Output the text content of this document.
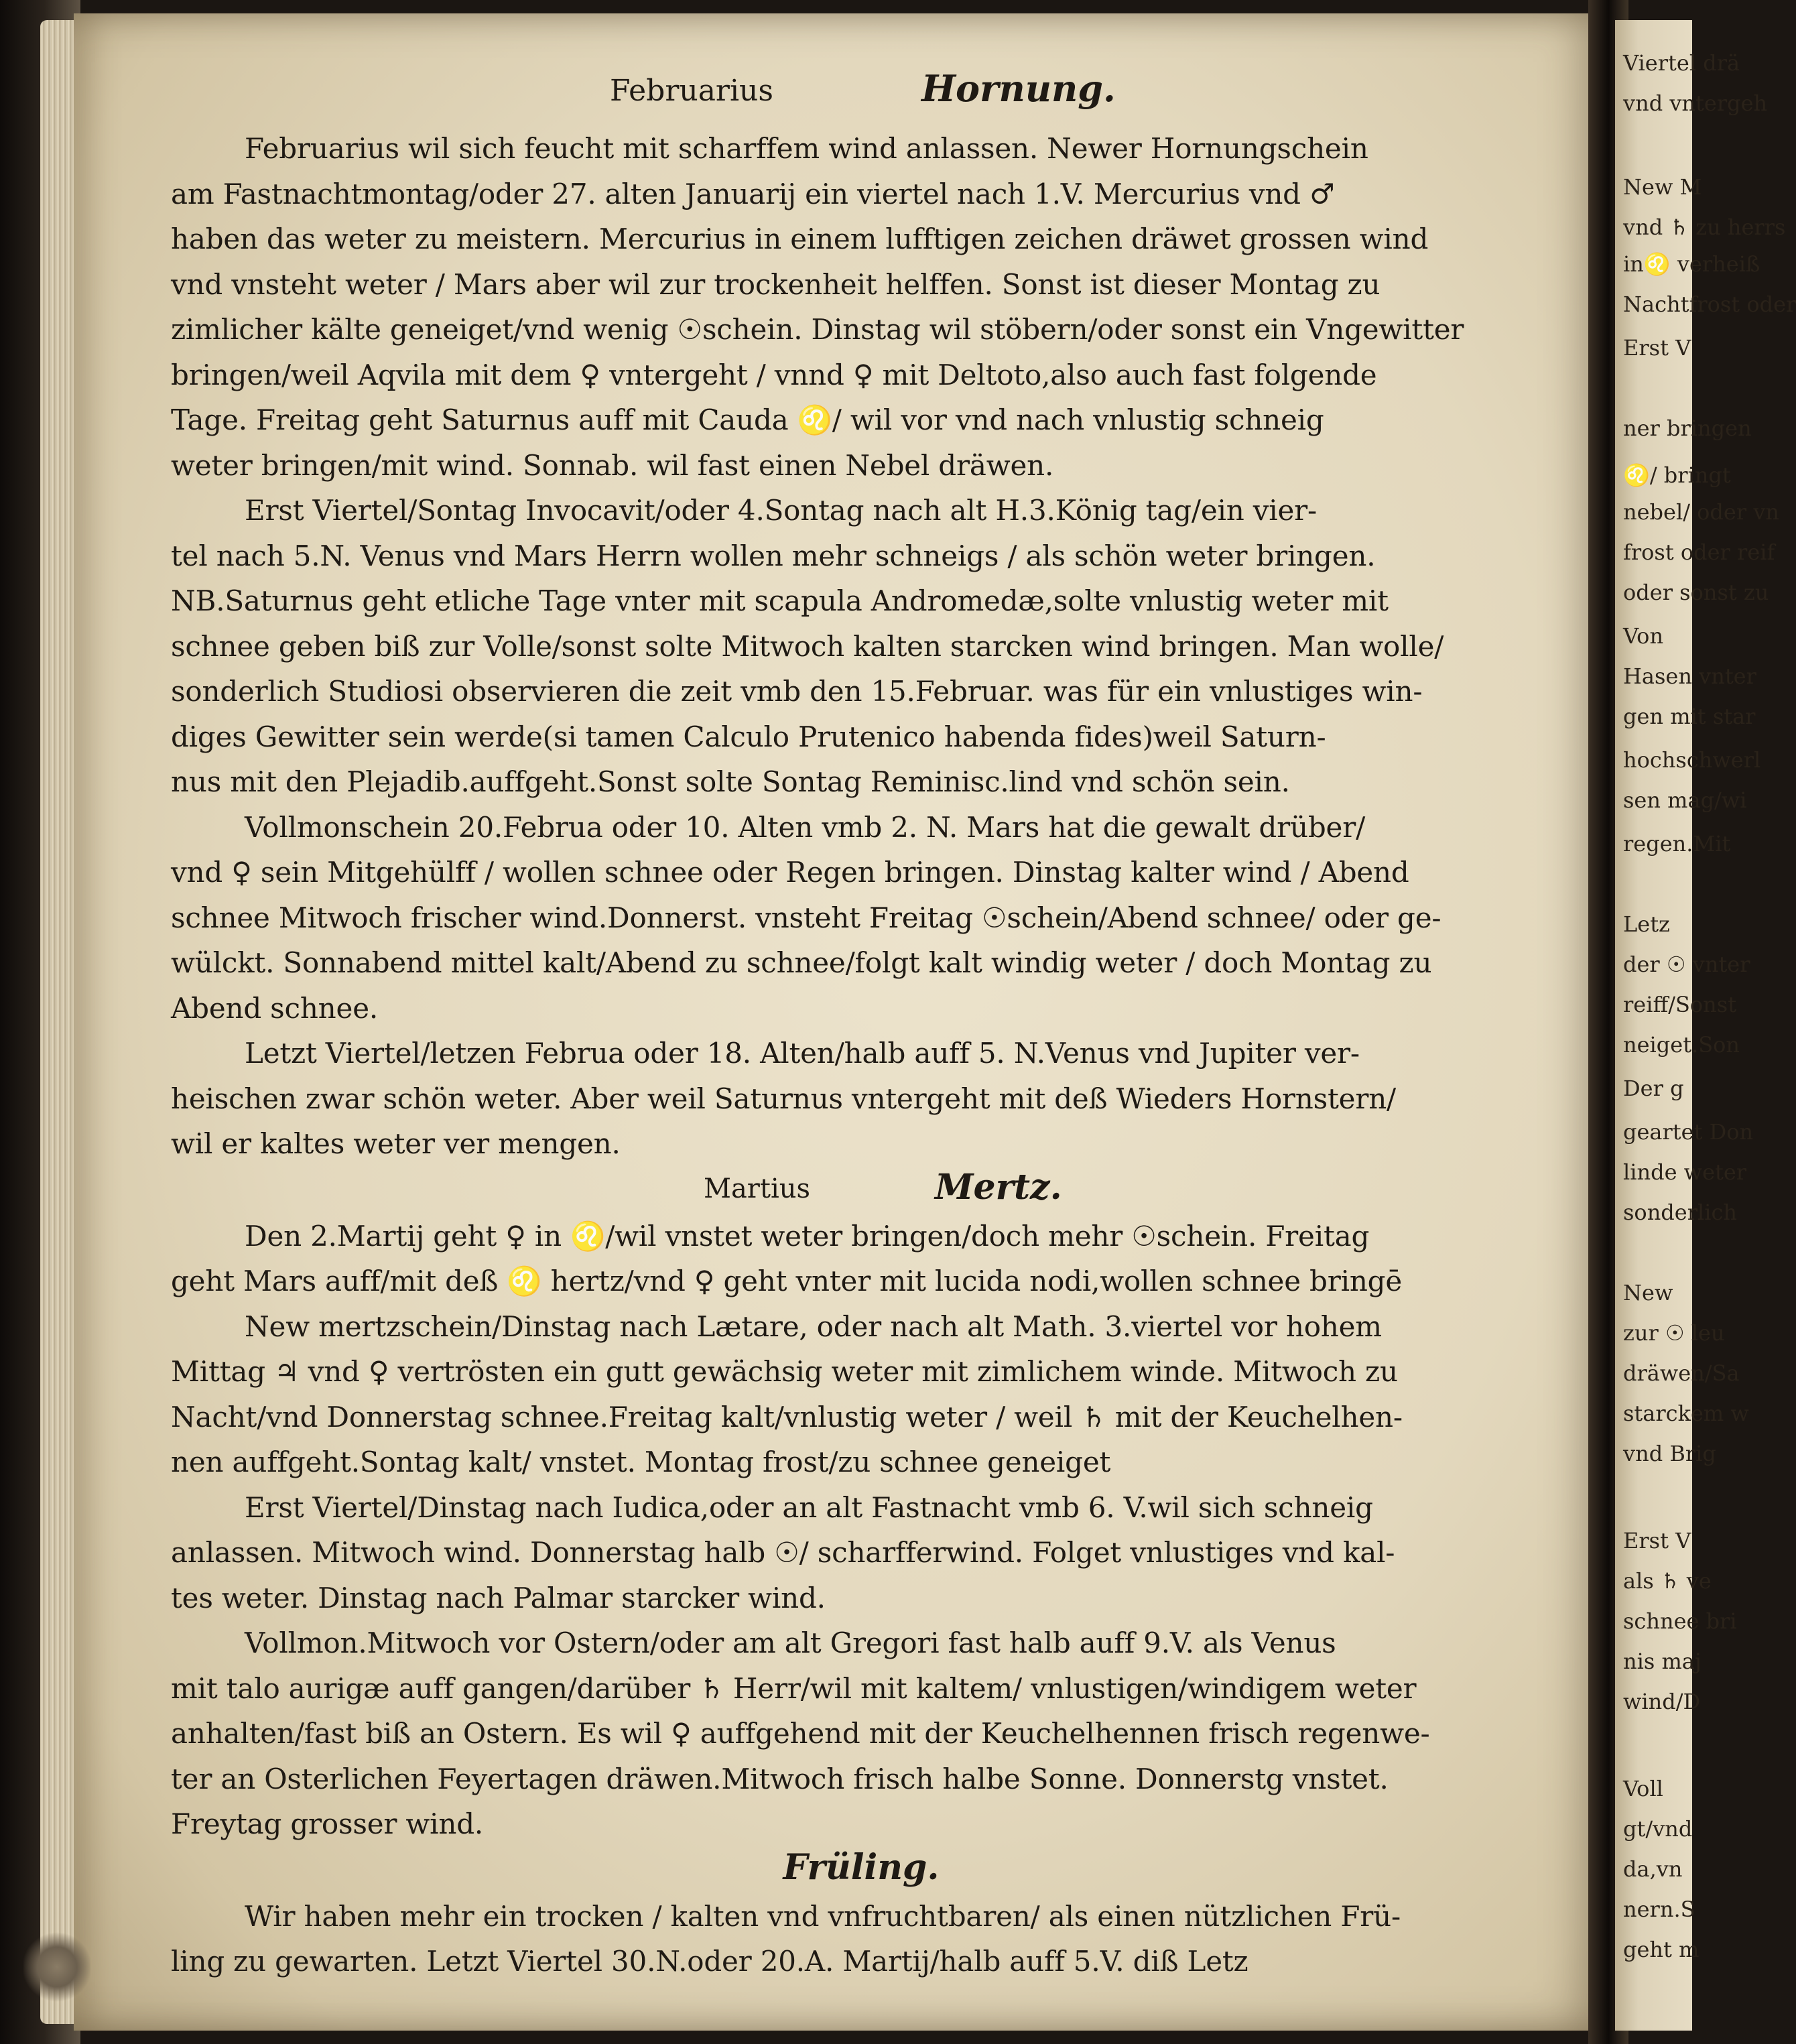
Viertel drä
vnd vntergeh
New M
vnd ♄ zu herrs
in♌ verheiß
Nachtfrost oder
Erst V
ner bringen
♌/ bringt
nebel/ oder vn
frost oder reif
oder sonst zu
Von
Hasen vnter
gen mit star
hochschwerl
sen mag/wi
regen.Mit
Letz
der ☉ vnter
reiff/Sonst
neiget.Son
Der g
geartet Don
linde weter
sonderlich
New
zur ☉ leu
dräwen/Sa
starckem w
vnd Brig
Erst V
als ♄ ve
schnee bri
nis maj
wind/D
Voll
gt/vnd
da,vn
nern.S
geht m
Februarius	Hornung.

Februarius wil sich feucht mit scharffem wind anlassen. Newer Hornungschein
am Fastnachtmontag/oder 27. alten Januarij ein viertel nach 1.V. Mercurius vnd ♂
haben das weter zu meistern. Mercurius in einem lufftigen zeichen dräwet grossen wind
vnd vnsteht weter / Mars aber wil zur trockenheit helffen. Sonst ist dieser Montag zu
zimlicher kälte geneiget/vnd wenig ☉schein. Dinstag wil stöbern/oder sonst ein Vngewitter
bringen/weil Aqvila mit dem ♀ vntergeht / vnnd ♀ mit Deltoto,also auch fast folgende
Tage. Freitag geht Saturnus auff mit Cauda ♌/ wil vor vnd nach vnlustig schneig
weter bringen/mit wind. Sonnab. wil fast einen Nebel dräwen.

Erst Viertel/Sontag Invocavit/oder 4.Sontag nach alt H.3.König tag/ein vier-
tel nach 5.N. Venus vnd Mars Herrn wollen mehr schneigs / als schön weter bringen.
NB.Saturnus geht etliche Tage vnter mit scapula Andromedæ,solte vnlustig weter mit
schnee geben biß zur Volle/sonst solte Mitwoch kalten starcken wind bringen. Man wolle/
sonderlich Studiosi observieren die zeit vmb den 15.Februar. was für ein vnlustiges win-
diges Gewitter sein werde(si tamen Calculo Prutenico habenda fides)weil Saturn-
nus mit den Plejadib.auffgeht.Sonst solte Sontag Reminisc.lind vnd schön sein.

Vollmonschein 20.Februa oder 10. Alten vmb 2. N. Mars hat die gewalt drüber/
vnd ♀ sein Mitgehülff / wollen schnee oder Regen bringen. Dinstag kalter wind / Abend
schnee Mitwoch frischer wind.Donnerst. vnsteht Freitag ☉schein/Abend schnee/ oder ge-
wülckt. Sonnabend mittel kalt/Abend zu schnee/folgt kalt windig weter / doch Montag zu
Abend schnee.

Letzt Viertel/letzen Februa oder 18. Alten/halb auff 5. N.Venus vnd Jupiter ver-
heischen zwar schön weter. Aber weil Saturnus vntergeht mit deß Wieders Hornstern/
wil er kaltes weter ver mengen.

Martius	Mertz.

Den 2.Martij geht ♀ in ♌/wil vnstet weter bringen/doch mehr ☉schein. Freitag
geht Mars auff/mit deß ♌ hertz/vnd ♀ geht vnter mit lucida nodi,wollen schnee bringē

New mertzschein/Dinstag nach Lætare, oder nach alt Math. 3.viertel vor hohem
Mittag ♃ vnd ♀ vertrösten ein gutt gewächsig weter mit zimlichem winde. Mitwoch zu
Nacht/vnd Donnerstag schnee.Freitag kalt/vnlustig weter / weil ♄ mit der Keuchelhen-
nen auffgeht.Sontag kalt/ vnstet. Montag frost/zu schnee geneiget

Erst Viertel/Dinstag nach Iudica,oder an alt Fastnacht vmb 6. V.wil sich schneig
anlassen. Mitwoch wind. Donnerstag halb ☉/ scharfferwind. Folget vnlustiges vnd kal-
tes weter. Dinstag nach Palmar starcker wind.

Vollmon.Mitwoch vor Ostern/oder am alt Gregori fast halb auff 9.V. als Venus
mit talo aurigæ auff gangen/darüber ♄ Herr/wil mit kaltem/ vnlustigen/windigem weter
anhalten/fast biß an Ostern. Es wil ♀ auffgehend mit der Keuchelhennen frisch regenwe-
ter an Osterlichen Feyertagen dräwen.Mitwoch frisch halbe Sonne. Donnerstg vnstet.
Freytag grosser wind.

Früling.

Wir haben mehr ein trocken / kalten vnd vnfruchtbaren/ als einen nützlichen Frü-
ling zu gewarten. Letzt Viertel 30.N.oder 20.A. Martij/halb auff 5.V. diß Letz
